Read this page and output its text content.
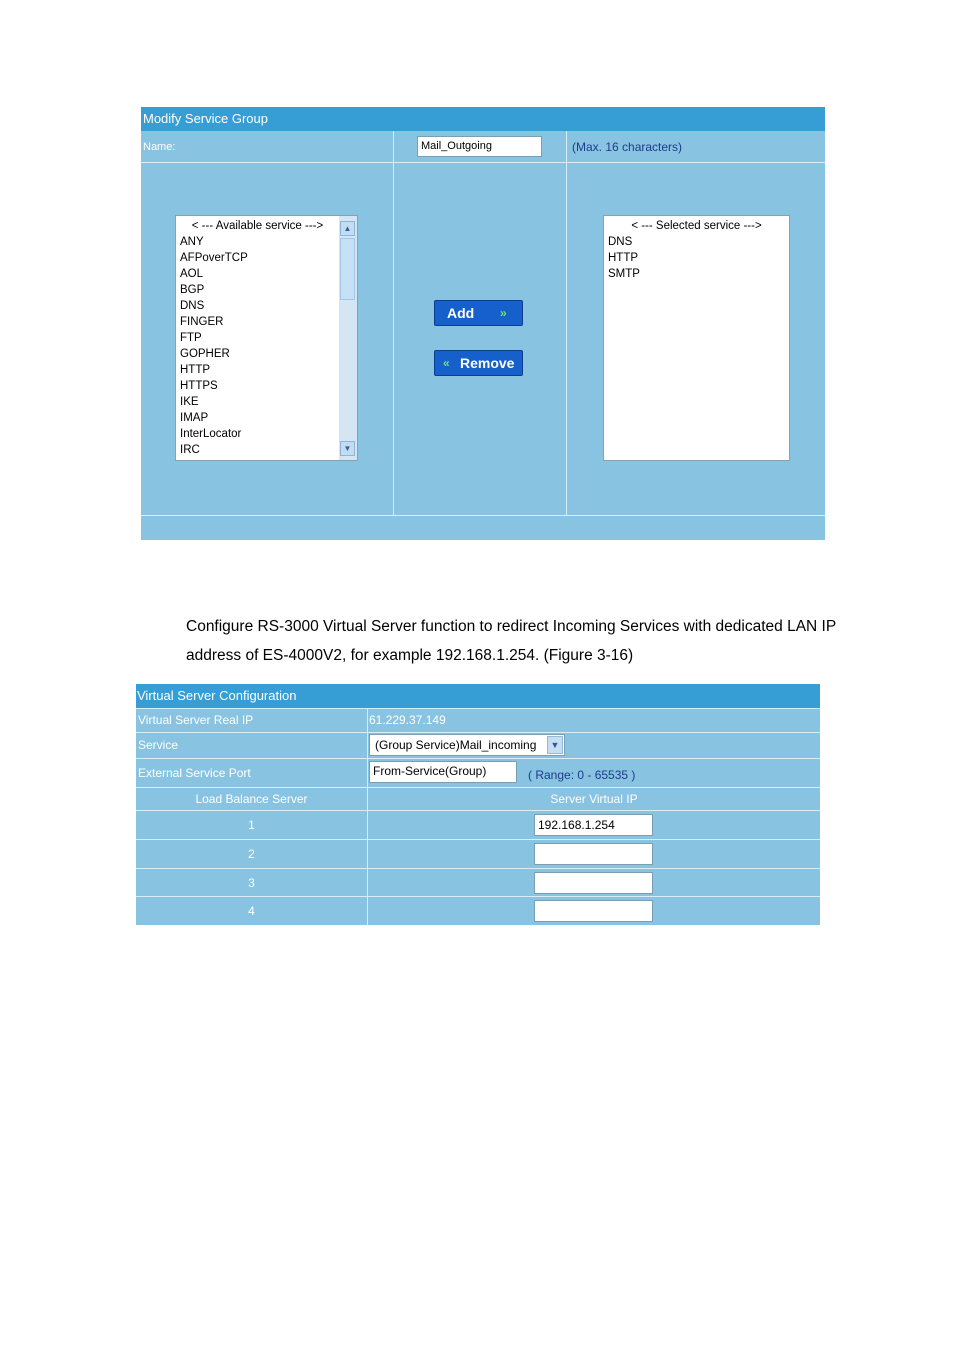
Modify Service Group
Name:	Mail_Outgoing	(Max. 16 characters)
< --- Available service --->
ANY
AFPoverTCP
AOL
BGP
DNS
FINGER
FTP
GOPHER
HTTP
HTTPS
IKE
IMAP
InterLocator
IRC
▲
▼
Add »
« Remove
< --- Selected service --->
DNS
HTTP
SMTP
Configure RS-3000 Virtual Server function to redirect Incoming Services with dedicated LAN IP
address of ES-4000V2, for example 192.168.1.254. (Figure 3-16)
Virtual Server Configuration
Virtual Server Real IP	61.229.37.149
Service	(Group Service)Mail_incoming	▼
External Service Port	From-Service(Group)	( Range: 0 - 65535 )
Load Balance Server	Server Virtual IP
1	192.168.1.254
2
3
4
